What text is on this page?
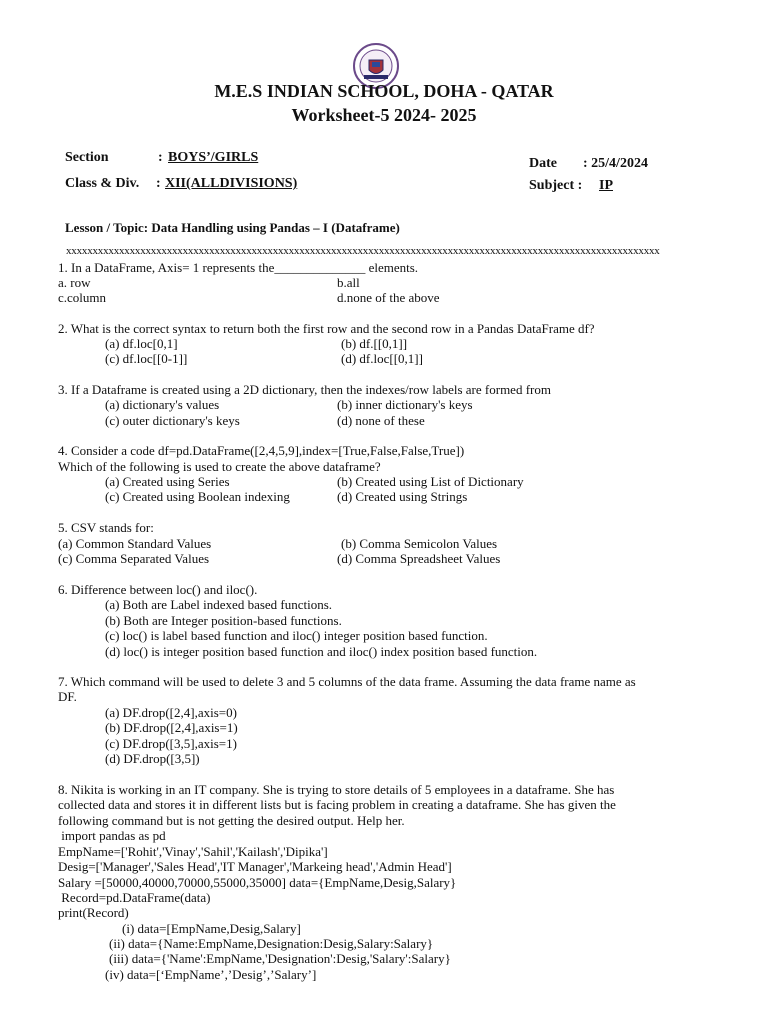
M.E.S INDIAN SCHOOL, DOHA - QATAR
Worksheet-5 2024- 2025
Section	: BOYS’/GIRLS
Class & Div. : XII(ALLDIVISIONS)
Date : 25/4/2024
Subject : IP
Lesson / Topic: Data Handling using Pandas – I (Dataframe)
xxxxxxxxxxxxxxxxxxxxxxxxxxxxxxxxxxxxxxxxxxxxxxxxxxxxxxxxxxxxxxxxxxxxxxxxxxxxxxxxxxxxxxxxxxxxxxxxxxxxxxxxxxxxxxxx
1. In a DataFrame, Axis= 1 represents the______________ elements.
a. row	b.all
c.column	d.none of the above
2. What is the correct syntax to return both the first row and the second row in a Pandas DataFrame df?
(a) df.loc[0,1]	(b) df.[[0,1]]
(c) df.loc[[0-1]]	(d) df.loc[[0,1]]
3. If a Dataframe is created using a 2D dictionary, then the indexes/row labels are formed from
(a) dictionary's values	(b) inner dictionary's keys
(c) outer dictionary's keys	(d) none of these
4. Consider a code df=pd.DataFrame([2,4,5,9],index=[True,False,False,True])
Which of the following is used to create the above dataframe?
(a) Created using Series	(b) Created using List of Dictionary
(c) Created using Boolean indexing	(d) Created using Strings
5. CSV stands for:
(a) Common Standard Values	(b) Comma Semicolon Values
(c) Comma Separated Values	(d) Comma Spreadsheet Values
6. Difference between loc() and iloc().
(a) Both are Label indexed based functions.
(b) Both are Integer position-based functions.
(c) loc() is label based function and iloc() integer position based function.
(d) loc() is integer position based function and iloc() index position based function.
7. Which command will be used to delete 3 and 5 columns of the data frame. Assuming the data frame name as
DF.
(a) DF.drop([2,4],axis=0)
(b) DF.drop([2,4],axis=1)
(c) DF.drop([3,5],axis=1)
(d) DF.drop([3,5])
8. Nikita is working in an IT company. She is trying to store details of 5 employees in a dataframe. She has
collected data and stores it in different lists but is facing problem in creating a dataframe. She has given the
following command but is not getting the desired output. Help her.
import pandas as pd
EmpName=['Rohit','Vinay','Sahil','Kailash','Dipika']
Desig=['Manager','Sales Head','IT Manager','Markeing head','Admin Head']
Salary =[50000,40000,70000,55000,35000] data={EmpName,Desig,Salary}
Record=pd.DataFrame(data)
print(Record)
(i) data=[EmpName,Desig,Salary]
(ii) data={Name:EmpName,Designation:Desig,Salary:Salary}
(iii) data={'Name':EmpName,'Designation':Desig,'Salary':Salary}
(iv) data=[‘EmpName’,’Desig’,’Salary’]
